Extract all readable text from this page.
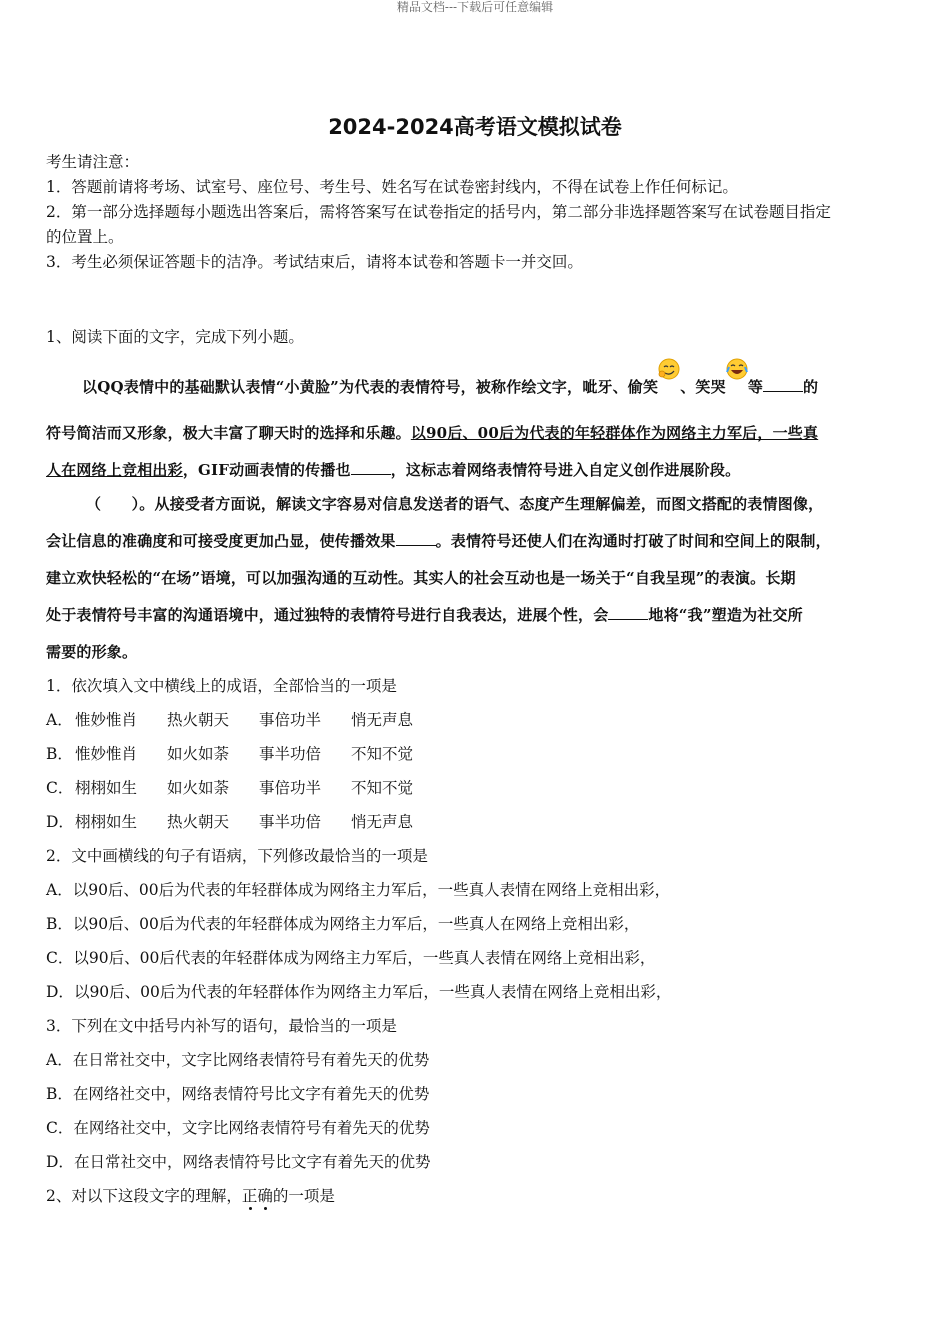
精品文档---下载后可任意编辑
2024-2024高考语文模拟试卷
考生请注意：
1．答题前请将考场、试室号、座位号、考生号、姓名写在试卷密封线内，不得在试卷上作任何标记。
2．第一部分选择题每小题选出答案后，需将答案写在试卷指定的括号内，第二部分非选择题答案写在试卷题目指定
的位置上。
3．考生必须保证答题卡的洁净。考试结束后，请将本试卷和答题卡一并交回。
1、阅读下面的文字，完成下列小题。
以QQ表情中的基础默认表情“小黄脸”为代表的表情符号，被称作绘文字，呲牙、偷笑 、笑哭 等	的
符号简洁而又形象，极大丰富了聊天时的选择和乐趣。以90后、00后为代表的年轻群体作为网络主力军后，一些真
人在网络上竞相出彩，GIF动画表情的传播也	，这标志着网络表情符号进入自定义创作进展阶段。
（　　）。从接受者方面说，解读文字容易对信息发送者的语气、态度产生理解偏差，而图文搭配的表情图像，
会让信息的准确度和可接受度更加凸显，使传播效果	。表情符号还使人们在沟通时打破了时间和空间上的限制，
建立欢快轻松的“在场”语境，可以加强沟通的互动性。其实人的社会互动也是一场关于“自我呈现”的表演。长期
处于表情符号丰富的沟通语境中，通过独特的表情符号进行自我表达，进展个性，会	地将“我”塑造为社交所
需要的形象。
1．依次填入文中横线上的成语，全部恰当的一项是
A． 惟妙惟肖 热火朝天 事倍功半 悄无声息
B． 惟妙惟肖 如火如荼 事半功倍 不知不觉
C． 栩栩如生 如火如荼 事倍功半 不知不觉
D．栩栩如生 热火朝天 事半功倍 悄无声息
2．文中画横线的句子有语病，下列修改最恰当的一项是
A．以90后、00后为代表的年轻群体成为网络主力军后，一些真人表情在网络上竞相出彩，
B．以90后、00后为代表的年轻群体成为网络主力军后，一些真人在网络上竞相出彩，
C．以90后、00后代表的年轻群体成为网络主力军后，一些真人表情在网络上竞相出彩，
D．以90后、00后为代表的年轻群体作为网络主力军后，一些真人表情在网络上竞相出彩，
3．下列在文中括号内补写的语句，最恰当的一项是
A．在日常社交中，文字比网络表情符号有着先天的优势
B．在网络社交中，网络表情符号比文字有着先天的优势
C．在网络社交中，文字比网络表情符号有着先天的优势
D．在日常社交中，网络表情符号比文字有着先天的优势
2、对以下这段文字的理解，正确的一项是
